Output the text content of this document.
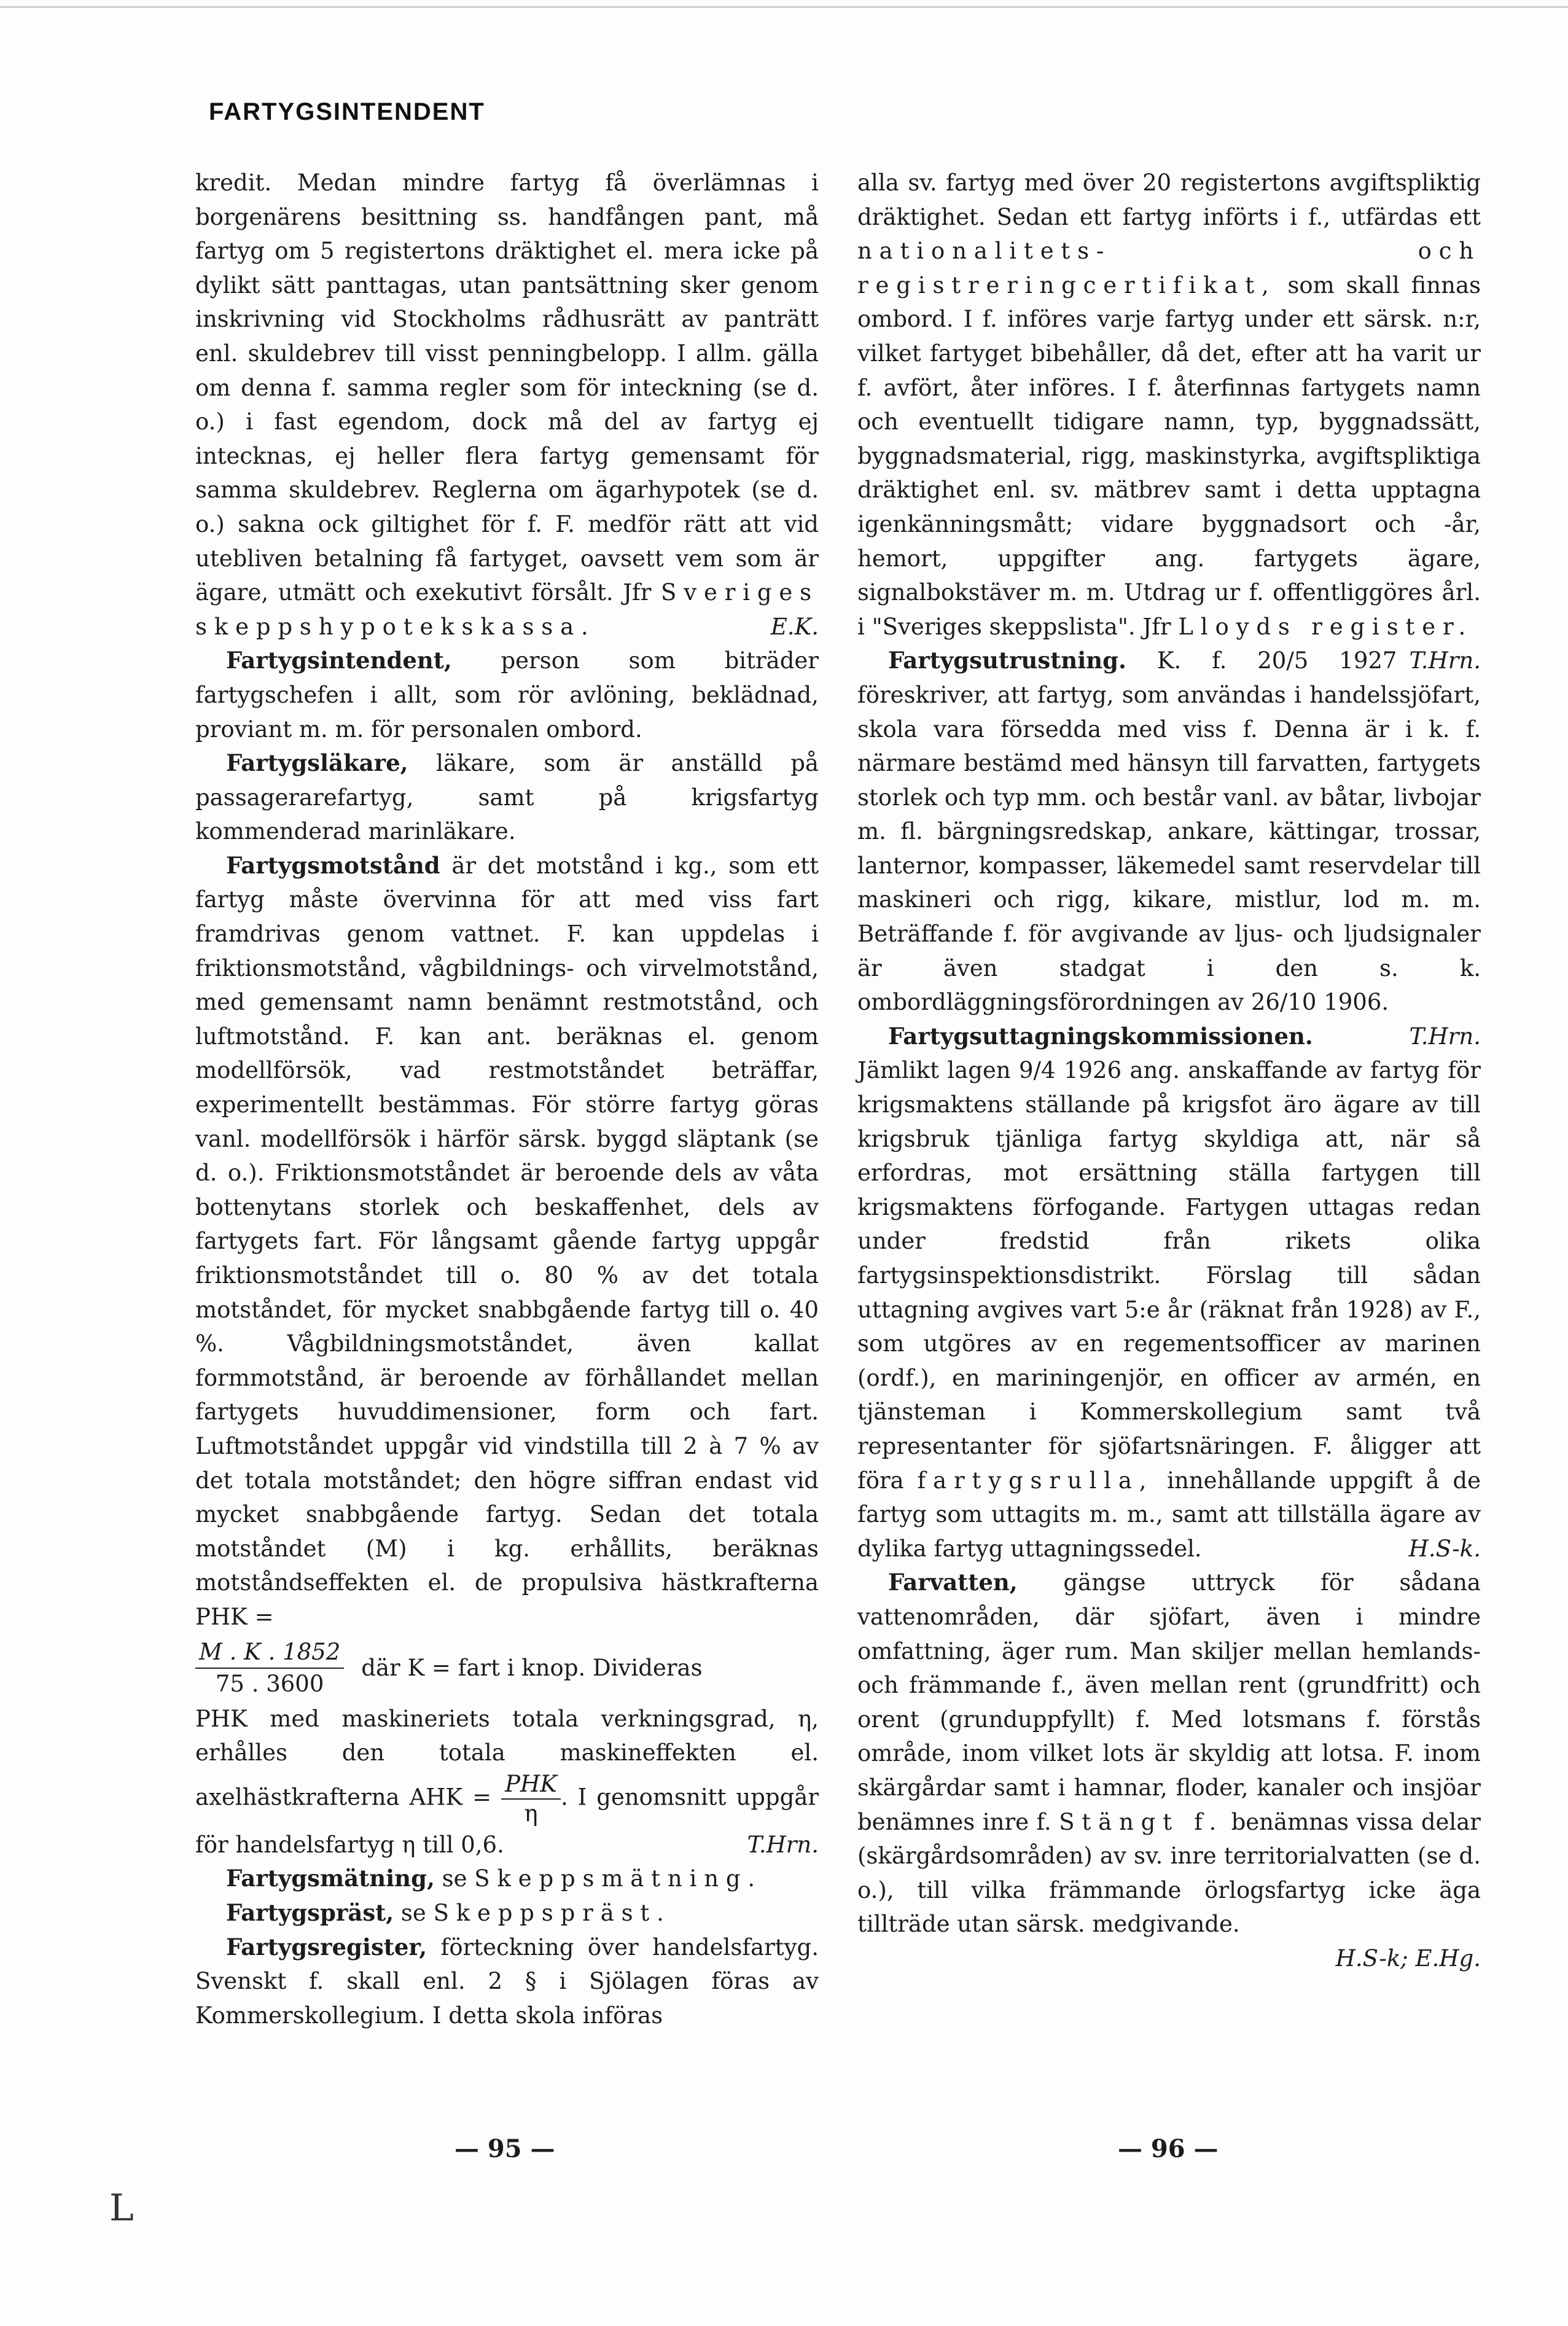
FARTYGSINTENDENT

kredit. Medan mindre fartyg få överlämnas i borgenärens besittning ss. handfången pant, må fartyg om 5 registertons dräktighet el. mera icke på dylikt sätt panttagas, utan pantsättning sker genom inskrivning vid Stockholms rådhusrätt av panträtt enl. skuldebrev till visst penningbelopp. I allm. gälla om denna f. samma regler som för inteckning (se d. o.) i fast egendom, dock må del av fartyg ej intecknas, ej heller flera fartyg gemensamt för samma skuldebrev. Reglerna om ägarhypotek (se d. o.) sakna ock giltighet för f. F. medför rätt att vid utebliven betalning få fartyget, oavsett vem som är ägare, utmätt och exekutivt försålt. Jfr Sveriges skeppshypotekskassa.	E.K.

Fartygsintendent, person som biträder fartygschefen i allt, som rör avlöning, beklädnad, proviant m. m. för personalen ombord.

Fartygsläkare, läkare, som är anställd på passagerarefartyg, samt på krigsfartyg kommenderad marinläkare.

Fartygsmotstånd är det motstånd i kg., som ett fartyg måste övervinna för att med viss fart framdrivas genom vattnet. F. kan uppdelas i friktionsmotstånd, vågbildnings- och virvelmotstånd, med gemensamt namn benämnt restmotstånd, och luftmotstånd. F. kan ant. beräknas el. genom modellförsök, vad restmotståndet beträffar, experimentellt bestämmas. För större fartyg göras vanl. modellförsök i härför särsk. byggd släptank (se d. o.). Friktionsmotståndet är beroende dels av våta bottenytans storlek och beskaffenhet, dels av fartygets fart. För långsamt gående fartyg uppgår friktionsmotståndet till o. 80 % av det totala motståndet, för mycket snabbgående fartyg till o. 40 %. Vågbildningsmotståndet, även kallat formmotstånd, är beroende av förhållandet mellan fartygets huvuddimensioner, form och fart. Luftmotståndet uppgår vid vindstilla till 2 à 7 % av det totala motståndet; den högre siffran endast vid mycket snabbgående fartyg. Sedan det totala motståndet (M) i kg. erhållits, beräknas motståndseffekten el. de propulsiva hästkrafterna PHK =

$\frac{M . K . 1852}{75 . 3600}$ där K = fart i knop. Divideras

PHK med maskineriets totala verkningsgrad, η, erhålles den totala maskineffekten el. axelhästkrafterna AHK = $\frac{\text{PHK}}{\eta}$ . I genomsnitt uppgår för handelsfartyg η till 0,6.	T.Hrn.

Fartygsmätning, se Skeppsmätning.

Fartygspräst, se Skeppspräst.

Fartygsregister, förteckning över handelsfartyg. Svenskt f. skall enl. 2 § i Sjölagen föras av Kommerskollegium. I detta skola införas

alla sv. fartyg med över 20 registertons avgiftspliktig dräktighet. Sedan ett fartyg införts i f., utfärdas ett nationalitets- och registreringcertifikat, som skall finnas ombord. I f. införes varje fartyg under ett särsk. n:r, vilket fartyget bibehåller, då det, efter att ha varit ur f. avfört, åter införes. I f. återfinnas fartygets namn och eventuellt tidigare namn, typ, byggnadssätt, byggnadsmaterial, rigg, maskinstyrka, avgiftspliktiga dräktighet enl. sv. mätbrev samt i detta upptagna igenkänningsmått; vidare byggnadsort och -år, hemort, uppgifter ang. fartygets ägare, signalbokstäver m. m. Utdrag ur f. offentliggöres årl. i "Sveriges skeppslista". Jfr Lloyds register.
T.Hrn.

Fartygsutrustning. K. f. 20/5 1927 föreskriver, att fartyg, som användas i handelssjöfart, skola vara försedda med viss f. Denna är i k. f. närmare bestämd med hänsyn till farvatten, fartygets storlek och typ mm. och består vanl. av båtar, livbojar m. fl. bärgningsredskap, ankare, kättingar, trossar, lanternor, kompasser, läkemedel samt reservdelar till maskineri och rigg, kikare, mistlur, lod m. m. Beträffande f. för avgivande av ljus- och ljudsignaler är även stadgat i den s. k. ombordläggningsförordningen av 26/10 1906.
T.Hrn.

Fartygsuttagningskommissionen. Jämlikt lagen 9/4 1926 ang. anskaffande av fartyg för krigsmaktens ställande på krigsfot äro ägare av till krigsbruk tjänliga fartyg skyldiga att, när så erfordras, mot ersättning ställa fartygen till krigsmaktens förfogande. Fartygen uttagas redan under fredstid från rikets olika fartygsinspektionsdistrikt. Förslag till sådan uttagning avgives vart 5:e år (räknat från 1928) av F., som utgöres av en regementsofficer av marinen (ordf.), en mariningenjör, en officer av armén, en tjänsteman i Kommerskollegium samt två representanter för sjöfartsnäringen. F. åligger att föra fartygsrulla, innehållande uppgift å de fartyg som uttagits m. m., samt att tillställa ägare av dylika fartyg uttagningssedel.	H.S-k.

Farvatten, gängse uttryck för sådana vattenområden, där sjöfart, även i mindre omfattning, äger rum. Man skiljer mellan hemlands- och främmande f., även mellan rent (grundfritt) och orent (grunduppfyllt) f. Med lotsmans f. förstås område, inom vilket lots är skyldig att lotsa. F. inom skärgårdar samt i hamnar, floder, kanaler och insjöar benämnes inre f. Stängt f. benämnas vissa delar (skärgårdsområden) av sv. inre territorialvatten (se d. o.), till vilka främmande örlogsfartyg icke äga tillträde utan särsk. medgivande.

H.S-k; E.Hg.
— 95 —	— 96 —
L
